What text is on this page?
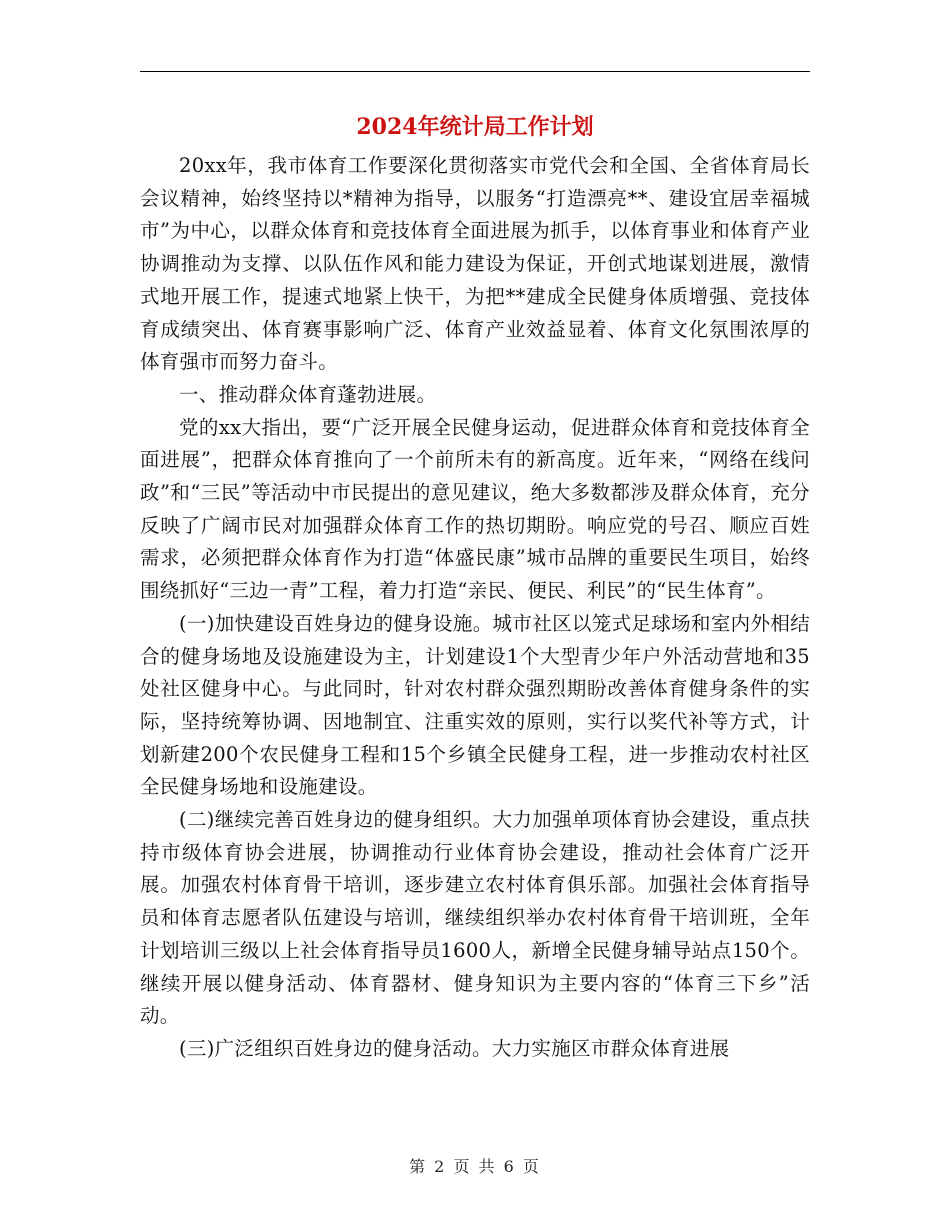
2024年统计局工作计划

20xx年，我市体育工作要深化贯彻落实市党代会和全国、全省体育局长会议精神，始终坚持以*精神为指导，以服务“打造漂亮**、建设宜居幸福城市”为中心，以群众体育和竞技体育全面进展为抓手，以体育事业和体育产业协调推动为支撑、以队伍作风和能力建设为保证，开创式地谋划进展，激情式地开展工作，提速式地紧上快干，为把**建成全民健身体质增强、竞技体育成绩突出、体育赛事影响广泛、体育产业效益显着、体育文化氛围浓厚的体育强市而努力奋斗。

一、推动群众体育蓬勃进展。

党的xx大指出，要“广泛开展全民健身运动，促进群众体育和竞技体育全面进展”，把群众体育推向了一个前所未有的新高度。近年来，“网络在线问政”和“三民”等活动中市民提出的意见建议，绝大多数都涉及群众体育，充分反映了广阔市民对加强群众体育工作的热切期盼。响应党的号召、顺应百姓需求，必须把群众体育作为打造“体盛民康”城市品牌的重要民生项目，始终围绕抓好“三边一青”工程，着力打造“亲民、便民、利民”的“民生体育”。

(一)加快建设百姓身边的健身设施。城市社区以笼式足球场和室内外相结合的健身场地及设施建设为主，计划建设1个大型青少年户外活动营地和35处社区健身中心。与此同时，针对农村群众强烈期盼改善体育健身条件的实际，坚持统筹协调、因地制宜、注重实效的原则，实行以奖代补等方式，计划新建200个农民健身工程和15个乡镇全民健身工程，进一步推动农村社区全民健身场地和设施建设。

(二)继续完善百姓身边的健身组织。大力加强单项体育协会建设，重点扶持市级体育协会进展，协调推动行业体育协会建设，推动社会体育广泛开展。加强农村体育骨干培训，逐步建立农村体育俱乐部。加强社会体育指导员和体育志愿者队伍建设与培训，继续组织举办农村体育骨干培训班，全年计划培训三级以上社会体育指导员1600人，新增全民健身辅导站点150个。继续开展以健身活动、体育器材、健身知识为主要内容的“体育三下乡”活动。

(三)广泛组织百姓身边的健身活动。大力实施区市群众体育进展

第 2 页 共 6 页
